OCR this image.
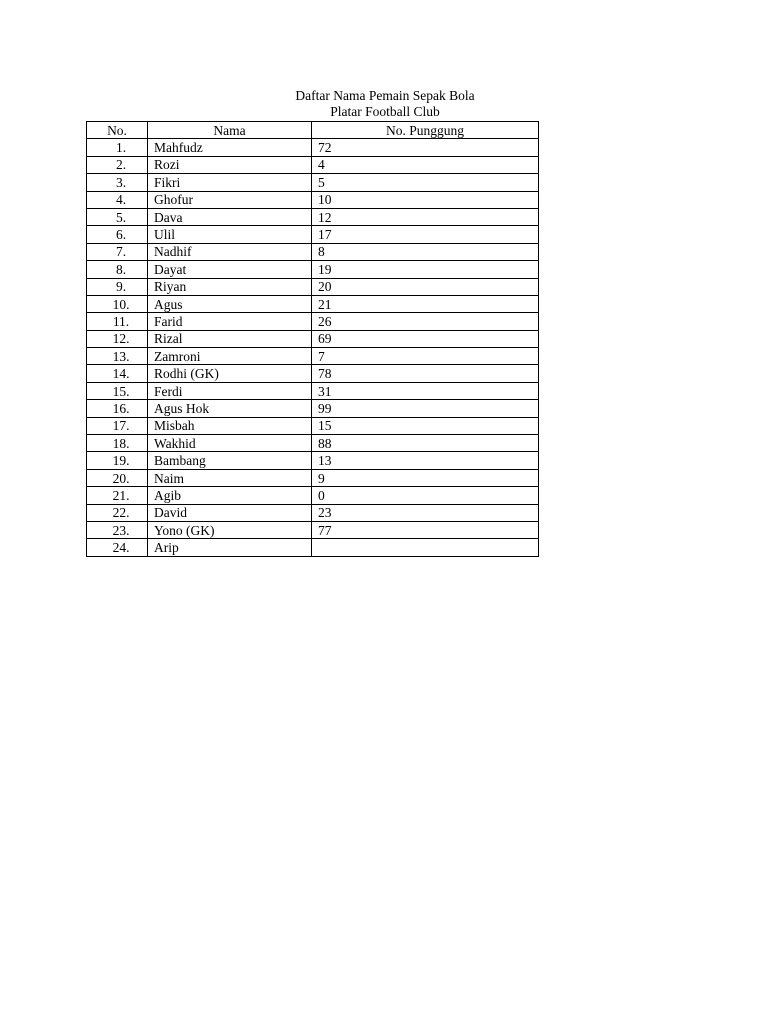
Daftar Nama Pemain Sepak Bola
Platar Football Club
No.	Nama	No. Punggung
1.	Mahfudz	72
2.	Rozi	4
3.	Fikri	5
4.	Ghofur	10
5.	Dava	12
6.	Ulil	17
7.	Nadhif	8
8.	Dayat	19
9.	Riyan	20
10.	Agus	21
11.	Farid	26
12.	Rizal	69
13.	Zamroni	7
14.	Rodhi (GK)	78
15.	Ferdi	31
16.	Agus Hok	99
17.	Misbah	15
18.	Wakhid	88
19.	Bambang	13
20.	Naim	9
21.	Agib	0
22.	David	23
23.	Yono (GK)	77
24.	Arip	
